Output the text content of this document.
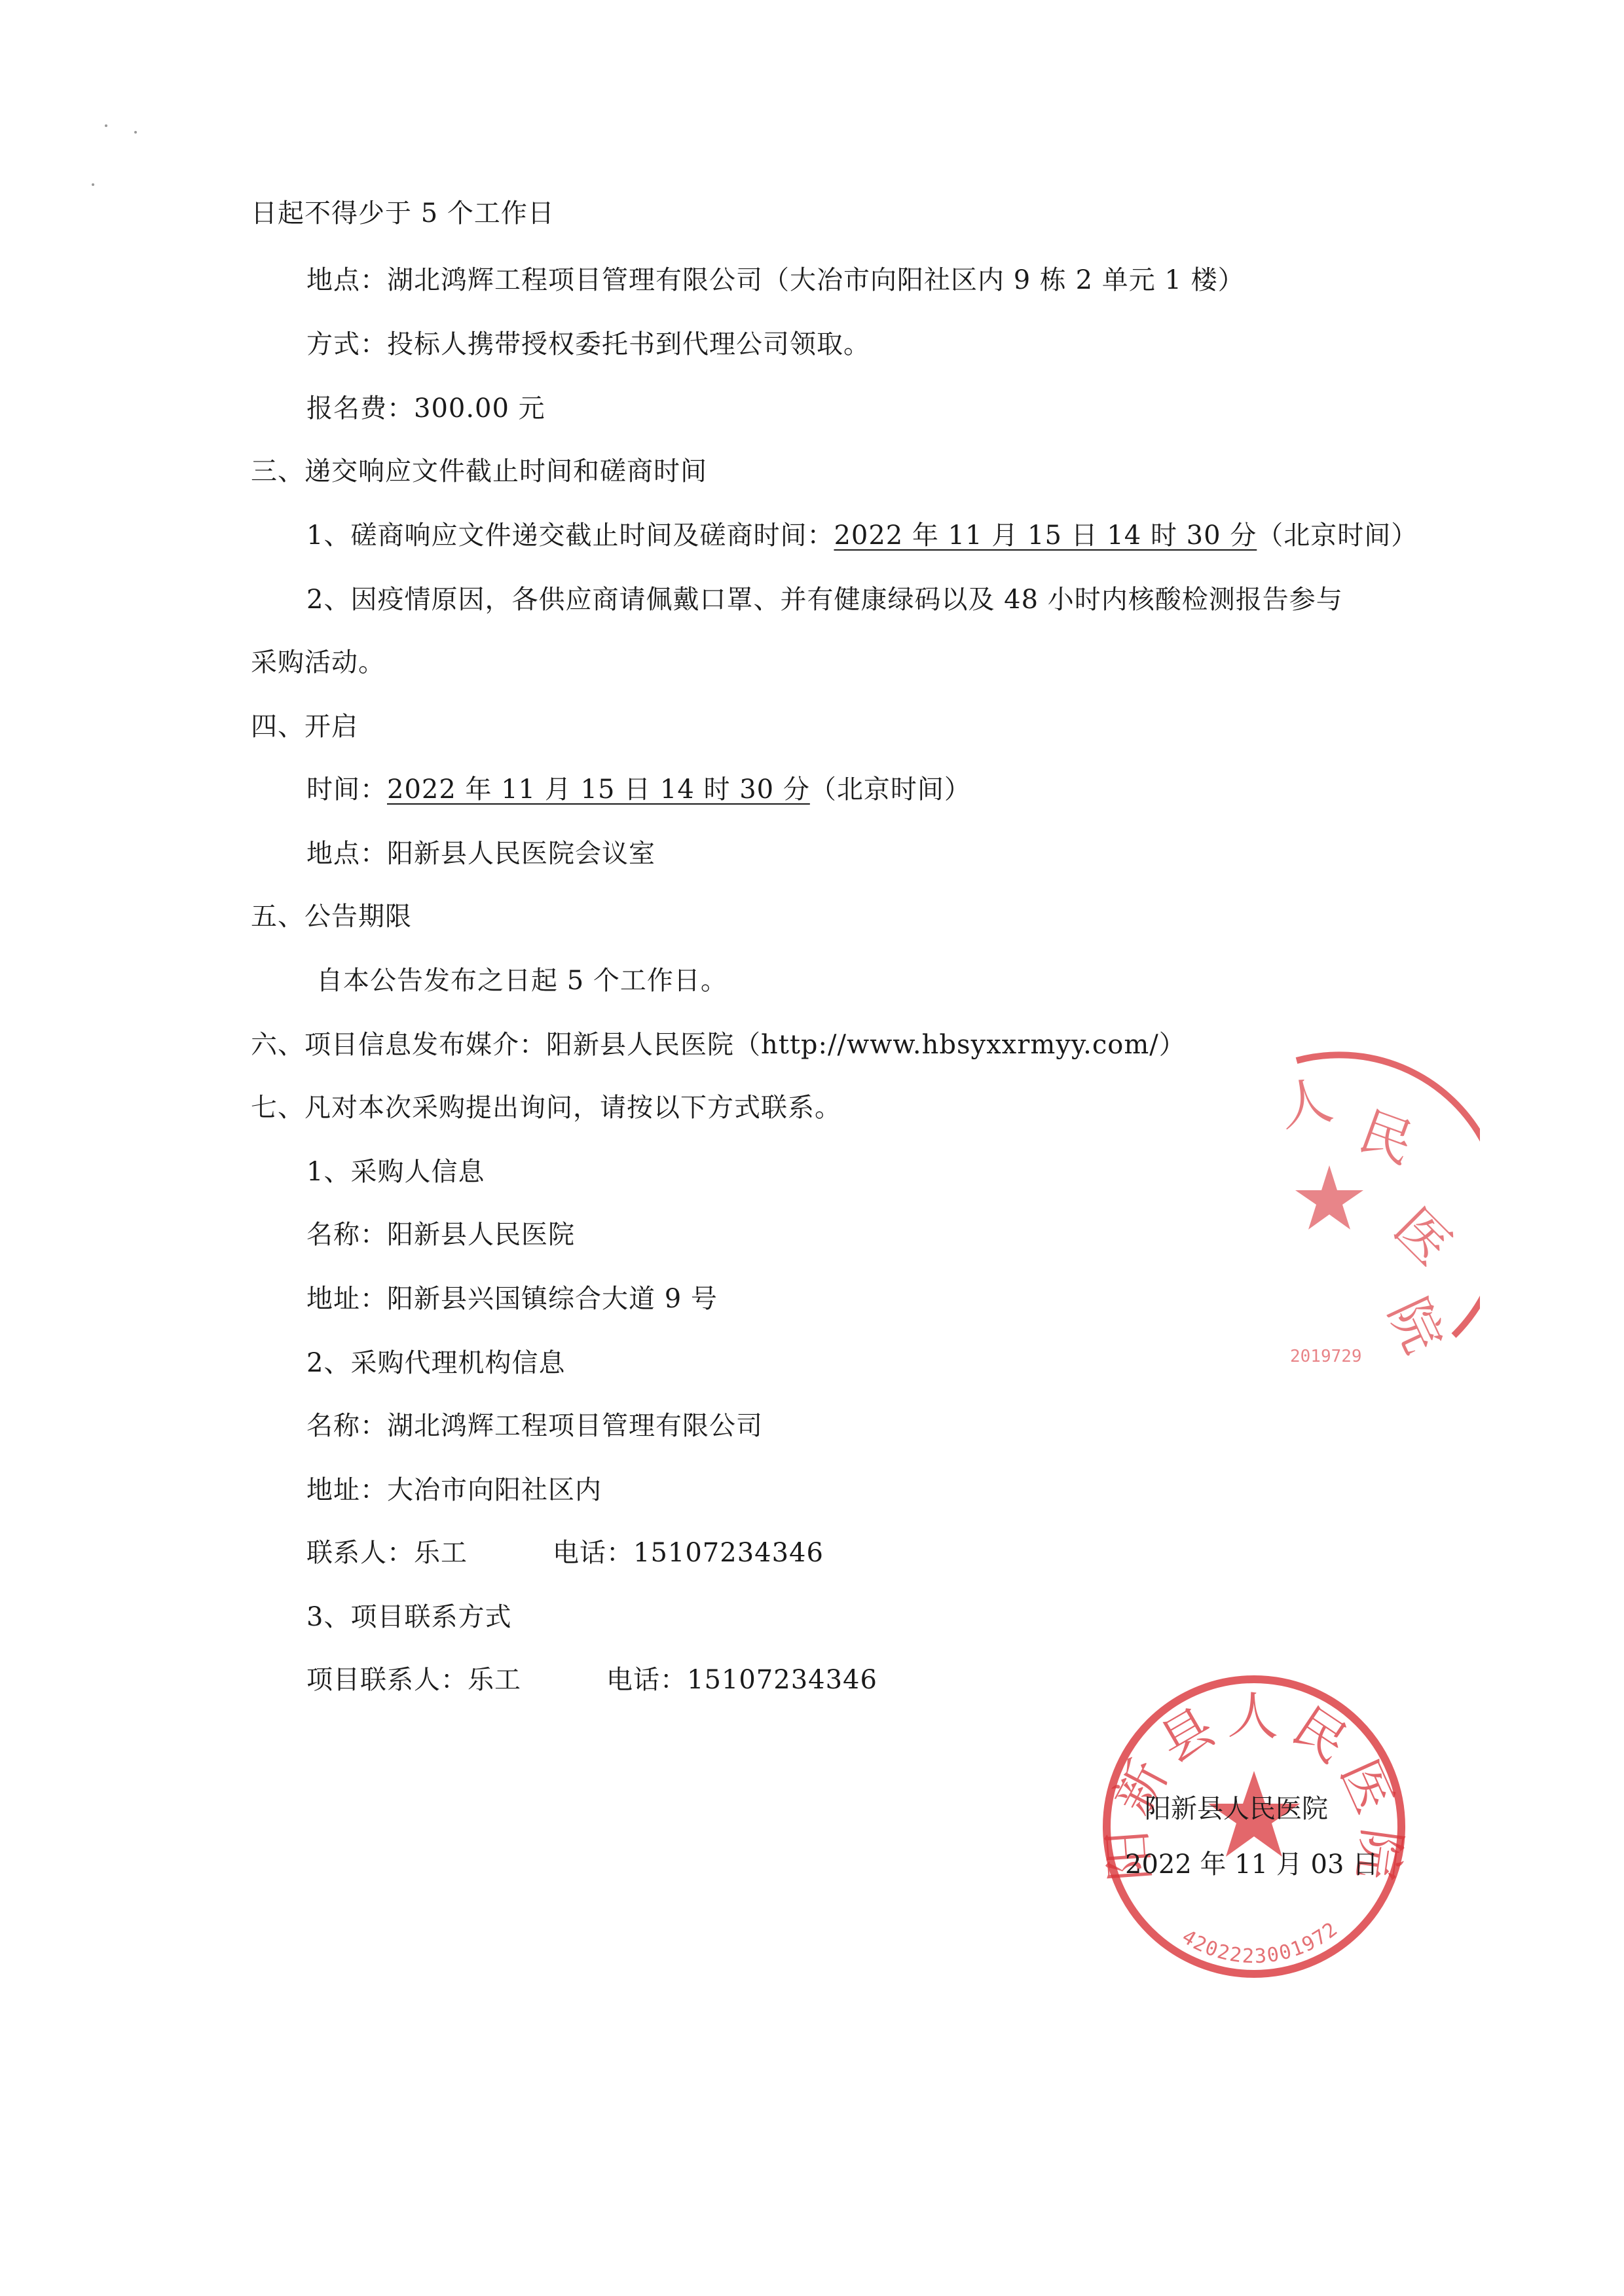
日起不得少于 5 个工作日
地点：湖北鸿辉工程项目管理有限公司（大冶市向阳社区内 9 栋 2 单元 1 楼）
方式：投标人携带授权委托书到代理公司领取。
报名费：300.00 元
三、递交响应文件截止时间和磋商时间
1、磋商响应文件递交截止时间及磋商时间：2022 年 11 月 15 日 14 时 30 分（北京时间）
2、因疫情原因，各供应商请佩戴口罩、并有健康绿码以及 48 小时内核酸检测报告参与
采购活动。
四、开启
时间：2022 年 11 月 15 日 14 时 30 分（北京时间）
地点：阳新县人民医院会议室
五、公告期限
自本公告发布之日起 5 个工作日。
六、项目信息发布媒介：阳新县人民医院（http://www.hbsyxxrmyy.com/）
七、凡对本次采购提出询问，请按以下方式联系。
1、采购人信息
名称：阳新县人民医院
地址：阳新县兴国镇综合大道 9 号
2、采购代理机构信息
名称：湖北鸿辉工程项目管理有限公司
地址：大冶市向阳社区内
联系人：乐工	电话：15107234346
3、项目联系方式
项目联系人：乐工	电话：15107234346
人 民
医
院
2019729
阳新县人民医院
4202223001972
阳新县人民医院
2022 年 11 月 03 日
